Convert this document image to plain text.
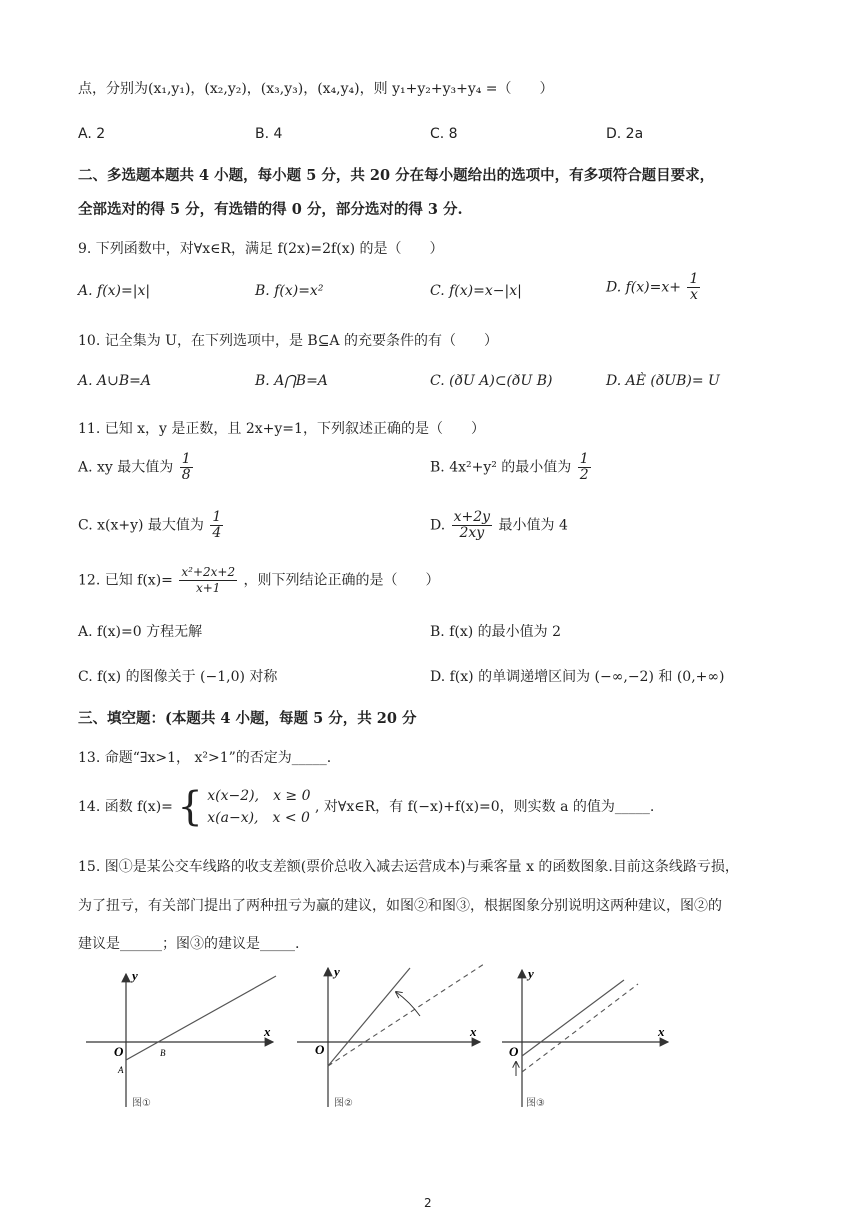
点，分别为(x₁,y₁)，(x₂,y₂)，(x₃,y₃)，(x₄,y₄)，则 y₁+y₂+y₃+y₄ =（　　）
A. 2	B. 4	C. 8	D. 2a
二、多选题本题共 4 小题，每小题 5 分，共 20 分在每小题给出的选项中，有多项符合题目要求，
全部选对的得 5 分，有选错的得 0 分，部分选对的得 3 分.
9. 下列函数中，对∀x∈R，满足 f(2x)=2f(x) 的是（　　）
A. f(x)=|x|	B. f(x)=x²	C. f(x)=x−|x|	D. $f(x)=x+ \frac{1}{x}$
10. 记全集为 U，在下列选项中，是 B⊆A 的充要条件的有（　　）
A. A∪B=A	B. A⋂B=A	C. (ðU A)⊂(ðU B)	D. AÈ (ðUB)= U
11. 已知 x，y 是正数，且 2x+y=1，下列叙述正确的是（　　）
A. xy 最大值为 $\frac{1}{8}$	B. 4x²+y² 的最小值为 $\frac{1}{2}$
C. x(x+y) 最大值为 $\frac{1}{4}$	D. $\frac{x+2y}{2xy}$ 最小值为 4
12. 已知 $f(x)= \frac{\text{x²+2x+2}}{x+1}$ ，则下列结论正确的是（　　）
A. f(x)=0 方程无解	B. f(x) 的最小值为 2
C. f(x) 的图像关于 (−1,0) 对称	D. f(x) 的单调递增区间为 (−∞,−2) 和 (0,+∞)
三、填空题：(本题共 4 小题，每题 5 分，共 20 分
13. 命题“∃x>1， x²>1”的否定为_____.
14. 函数 f(x)= { x(x−2),　x ≥ 0
x(a−x),　x < 0
, 对∀x∈R，有 f(−x)+f(x)=0，则实数 a 的值为_____.
15. 图①是某公交车线路的收支差额(票价总收入减去运营成本)与乘客量 x 的函数图象.目前这条线路亏损，
为了扭亏，有关部门提出了两种扭亏为赢的建议，如图②和图③，根据图象分别说明这两种建议，图②的
建议是______；图③的建议是_____.
y
x
O
A
B
图①
y
x
O
图②
y
x
O
图③
2
